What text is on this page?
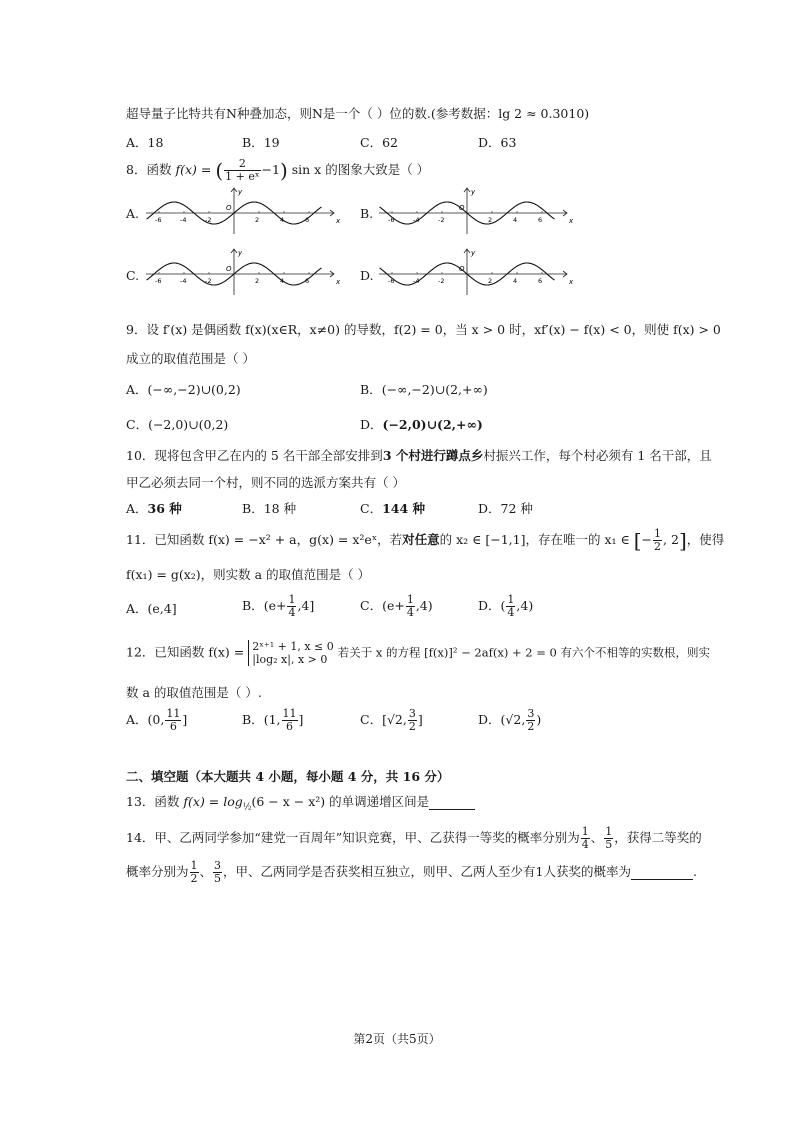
超导量子比特共有N种叠加态，则N是一个（ ）位的数.(参考数据：lg 2 ≈ 0.3010)
A．18	B．19	C．62	D．63
8．函数 f(x) = ( $\frac{2}{\text{1 + eˣ}} -1$) sin x 的图象大致是（ ）
A.	x
y
O
-6	-4	-2	2	4	6	B.	x
y
O
-6	-4	-2	2	4	6
C.	x
y
O
-6	-4	-2	2	4	6	D.	x
y
O
-6	-4	-2	2	4	6
9．设 f′(x) 是偶函数 f(x)(x∈R，x≠0) 的导数，f(2) = 0，当 x > 0 时，xf′(x) − f(x) < 0，则使 f(x) > 0
成立的取值范围是（ ）
A．(−∞,−2)∪(0,2)	B．(−∞,−2)∪(2,+∞)
C．(−2,0)∪(0,2)	D．(−2,0)∪(2,+∞)
10．现将包含甲乙在内的 5 名干部全部安排到3 个村进行蹲点乡村振兴工作，每个村必须有 1 名干部，且
甲乙必须去同一个村，则不同的选派方案共有（ ）
A．36 种	B．18 种	C．144 种	D．72 种
11．已知函数 f(x) = −x² + a，g(x) = x²eˣ，若对任意的 x₂ ∈ [−1,1]，存在唯一的 x₁ ∈ [− $\frac{1}{2}$ , 2]，使得
f(x₁) = g(x₂)，则实数 a 的取值范围是（ ）
A．(e,4]	B．$(e+ \frac{1}{4} ,4]$	C．$(e+ \frac{1}{4} ,4)$	D．( $\frac{1}{4} ,4$)
12．已知函数 f(x) = 2ˣ⁺¹ + 1, x ≤ 0
|log₂ x|, x > 0 若关于 x 的方程 [f(x)]² − 2af(x) + 2 = 0 有六个不相等的实数根，则实
数 a 的取值范围是（ ）.
A．(0, $\frac{11}{6}$ ]	B．(1, $\frac{11}{6}$ ]	C．[√2, $\frac{3}{2}$ ]	D．(√2, $\frac{3}{2}$ )
二、填空题（本大题共 4 小题，每小题 4 分，共 16 分）
13．函数 $f(x) = \log_{\frac{1}{2}}(6 - x - x^2)$ 的单调递增区间是
14．甲、乙两同学参加“建党一百周年”知识竞赛，甲、乙获得一等奖的概率分别为 $\frac{1}{4}$ 、 $\frac{1}{5}$ ，获得二等奖的
概率分别为 $\frac{1}{2}$ 、 $\frac{3}{5}$ ，甲、乙两同学是否获奖相互独立，则甲、乙两人至少有1人获奖的概率为	.
第2页（共5页）
